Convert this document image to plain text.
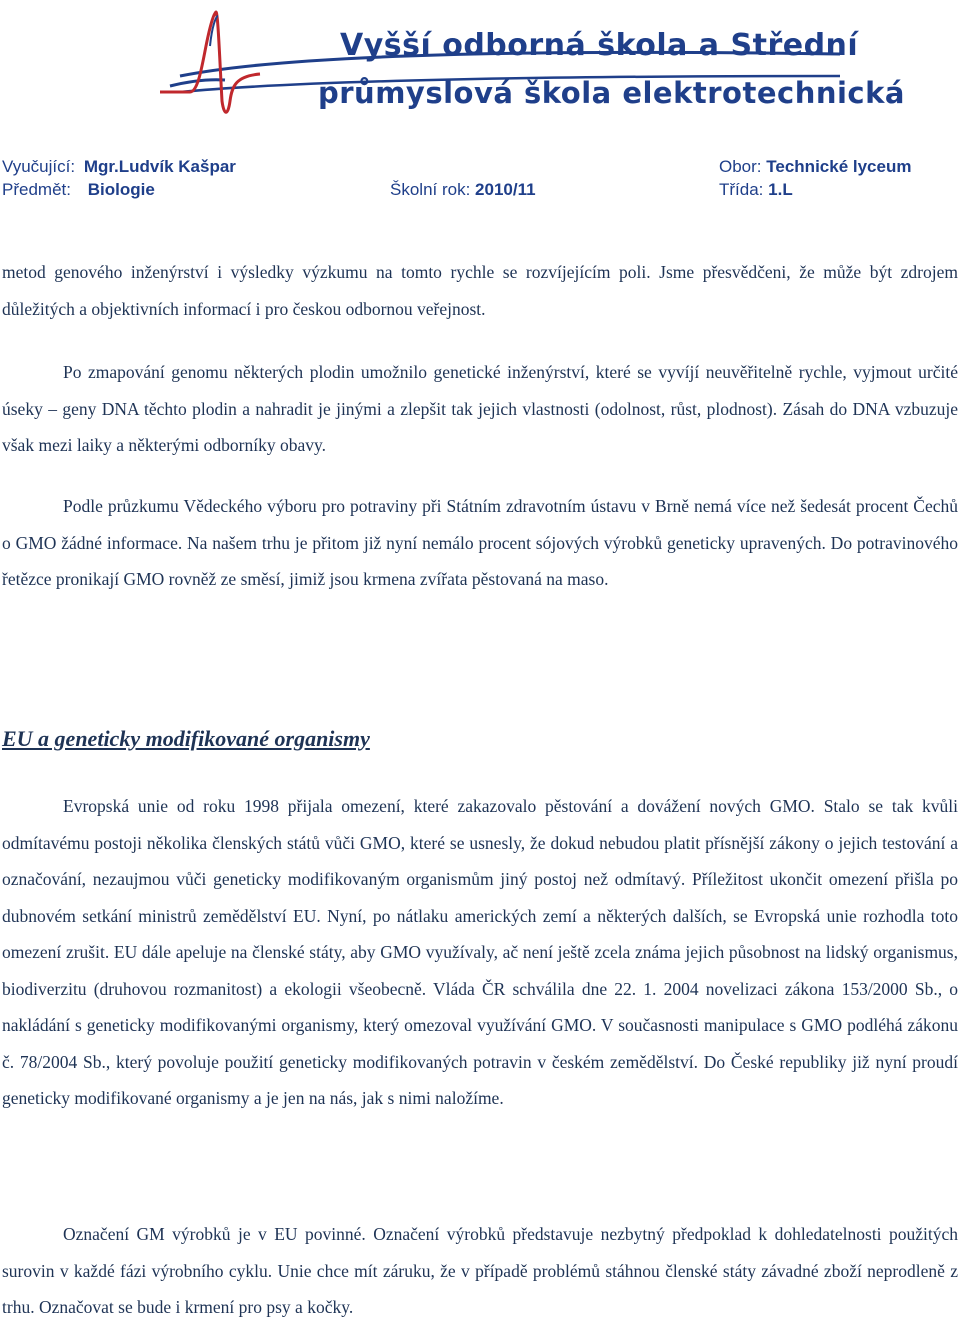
Vyšší odborná škola a Střední
průmyslová škola elektrotechnická
Vyučující: Mgr.Ludvík Kašpar	Obor: Technické lyceum
Předmět: Biologie	Školní rok: 2010/11	Třída: 1.L

metod genového inženýrství i výsledky výzkumu na tomto rychle se rozvíjejícím poli. Jsme přesvědčeni, že může být zdrojem důležitých a objektivních informací i pro českou odbornou veřejnost.

Po zmapování genomu některých plodin umožnilo genetické inženýrství, které se vyvíjí neuvěřitelně rychle, vyjmout určité úseky – geny DNA těchto plodin a nahradit je jinými a zlepšit tak jejich vlastnosti (odolnost, růst, plodnost). Zásah do DNA vzbuzuje však mezi laiky a některými odborníky obavy.

Podle průzkumu Vědeckého výboru pro potraviny při Státním zdravotním ústavu v Brně nemá více než šedesát procent Čechů o GMO žádné informace. Na našem trhu je přitom již nyní nemálo procent sójových výrobků geneticky upravených. Do potravinového řetězce pronikají GMO rovněž ze směsí, jimiž jsou krmena zvířata pěstovaná na maso.

EU a geneticky modifikované organismy

Evropská unie od roku 1998 přijala omezení, které zakazovalo pěstování a dovážení nových GMO. Stalo se tak kvůli odmítavému postoji několika členských států vůči GMO, které se usnesly, že dokud nebudou platit přísnější zákony o jejich testování a označování, nezaujmou vůči geneticky modifikovaným organismům jiný postoj než odmítavý. Příležitost ukončit omezení přišla po dubnovém setkání ministrů zemědělství EU. Nyní, po nátlaku amerických zemí a některých dalších, se Evropská unie rozhodla toto omezení zrušit. EU dále apeluje na členské státy, aby GMO využívaly, ač není ještě zcela známa jejich působnost na lidský organismus, biodiverzitu (druhovou rozmanitost) a ekologii všeobecně. Vláda ČR schválila dne 22. 1. 2004 novelizaci zákona 153/2000 Sb., o nakládání s geneticky modifikovanými organismy, který omezoval využívání GMO. V současnosti manipulace s GMO podléhá zákonu č. 78/2004 Sb., který povoluje použití geneticky modifikovaných potravin v českém zemědělství. Do České republiky již nyní proudí geneticky modifikované organismy a je jen na nás, jak s nimi naložíme.

Označení GM výrobků je v EU povinné. Označení výrobků představuje nezbytný předpoklad k dohledatelnosti použitých surovin v každé fázi výrobního cyklu. Unie chce mít záruku, že v případě problémů stáhnou členské státy závadné zboží neprodleně z trhu. Označovat se bude i krmení pro psy a kočky.
